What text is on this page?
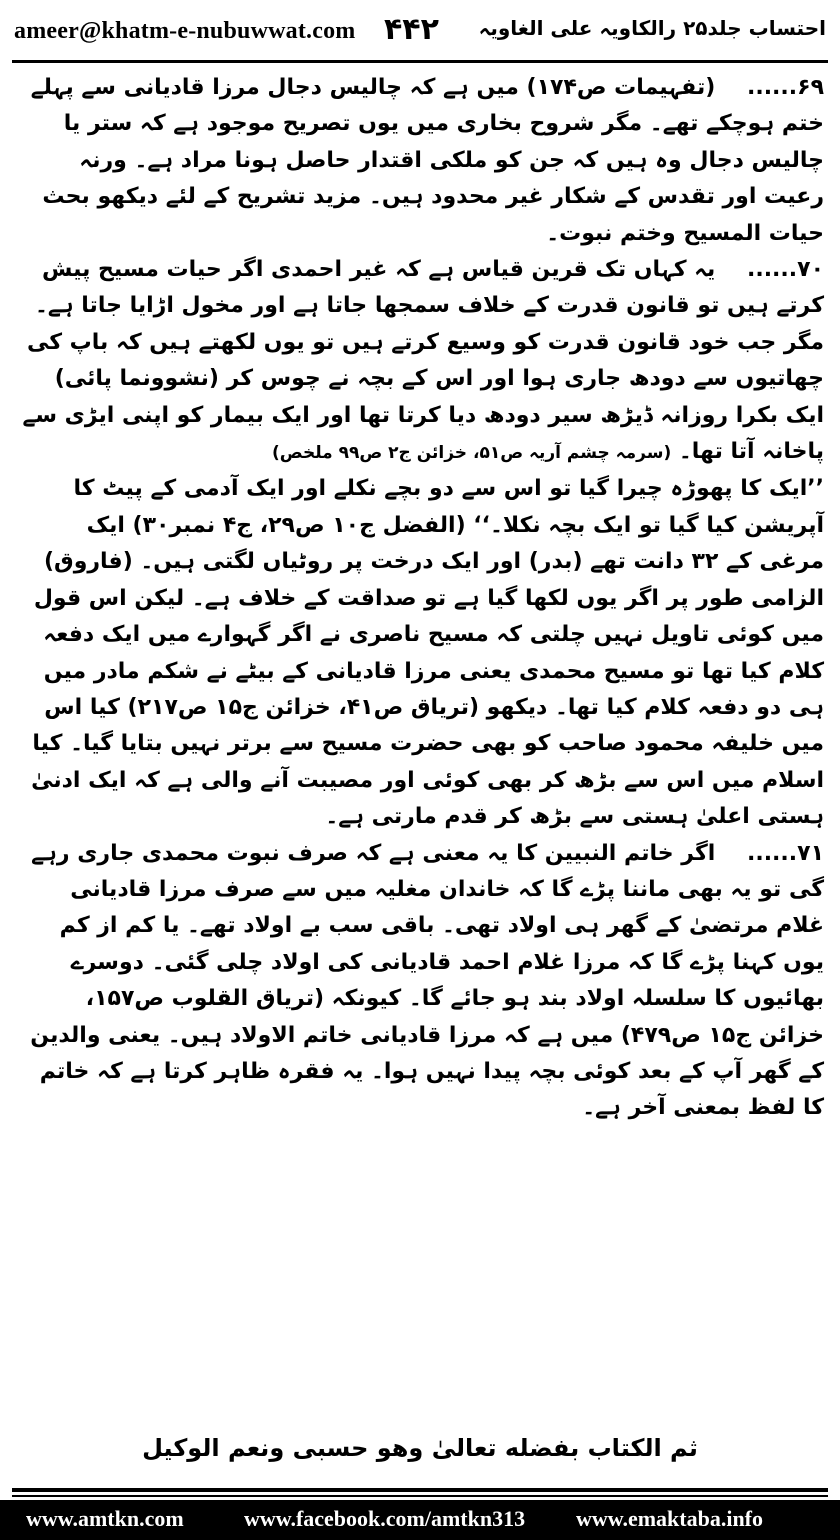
ameer@khatm-e-nubuwwat.com ۴۴۲ احتساب جلد۲۵ رالکاویہ علی الغاویہ

۶۹...... (تفہیمات ص۱۷۴) میں ہے کہ چالیس دجال مرزا قادیانی سے پہلے ختم ہوچکے تھے۔ مگر شروح بخاری میں یوں تصریح موجود ہے کہ ستر یا چالیس دجال وہ ہیں کہ جن کو ملکی اقتدار حاصل ہونا مراد ہے۔ ورنہ رعیت اور تقدس کے شکار غیر محدود ہیں۔ مزید تشریح کے لئے دیکھو بحث حیات المسیح وختم نبوت۔

۷۰...... یہ کہاں تک قرین قیاس ہے کہ غیر احمدی اگر حیات مسیح پیش کرتے ہیں تو قانون قدرت کے خلاف سمجھا جاتا ہے اور مخول اڑایا جاتا ہے۔ مگر جب خود قانون قدرت کو وسیع کرتے ہیں تو یوں لکھتے ہیں کہ باپ کی چھاتیوں سے دودھ جاری ہوا اور اس کے بچہ نے چوس کر (نشوونما پائی) ایک بکرا روزانہ ڈیڑھ سیر دودھ دیا کرتا تھا اور ایک بیمار کو اپنی ایڑی سے پاخانہ آتا تھا۔ (سرمہ چشم آریہ ص۵۱، خزائن ج۲ ص۹۹ ملخص)

’’ایک کا پھوڑہ چیرا گیا تو اس سے دو بچے نکلے اور ایک آدمی کے پیٹ کا آپریشن کیا گیا تو ایک بچہ نکلا۔‘‘ (الفضل ج۱۰ ص۲۹، ج۴ نمبر۳۰) ایک مرغی کے ۳۲ دانت تھے (بدر) اور ایک درخت پر روٹیاں لگتی ہیں۔ (فاروق) الزامی طور پر اگر یوں لکھا گیا ہے تو صداقت کے خلاف ہے۔ لیکن اس قول میں کوئی تاویل نہیں چلتی کہ مسیح ناصری نے اگر گہوارے میں ایک دفعہ کلام کیا تھا تو مسیح محمدی یعنی مرزا قادیانی کے بیٹے نے شکم مادر میں ہی دو دفعہ کلام کیا تھا۔ دیکھو (تریاق ص۴۱، خزائن ج۱۵ ص۲۱۷) کیا اس میں خلیفہ محمود صاحب کو بھی حضرت مسیح سے برتر نہیں بتایا گیا۔ کیا اسلام میں اس سے بڑھ کر بھی کوئی اور مصیبت آنے والی ہے کہ ایک ادنیٰ ہستی اعلیٰ ہستی سے بڑھ کر قدم مارتی ہے۔

۷۱...... اگر خاتم النبیین کا یہ معنی ہے کہ صرف نبوت محمدی جاری رہے گی تو یہ بھی ماننا پڑے گا کہ خاندان مغلیہ میں سے صرف مرزا قادیانی غلام مرتضیٰ کے گھر ہی اولاد تھی۔ باقی سب بے اولاد تھے۔ یا کم از کم یوں کہنا پڑے گا کہ مرزا غلام احمد قادیانی کی اولاد چلی گئی۔ دوسرے بھائیوں کا سلسلہ اولاد بند ہو جائے گا۔ کیونکہ (تریاق القلوب ص۱۵۷، خزائن ج۱۵ ص۴۷۹) میں ہے کہ مرزا قادیانی خاتم الاولاد ہیں۔ یعنی والدین کے گھر آپ کے بعد کوئی بچہ پیدا نہیں ہوا۔ یہ فقرہ ظاہر کرتا ہے کہ خاتم کا لفظ بمعنی آخر ہے۔

ثم الكتاب بفضله تعالىٰ وهو حسبى ونعم الوكيل
www.amtkn.com	www.facebook.com/amtkn313 www.emaktaba.info
